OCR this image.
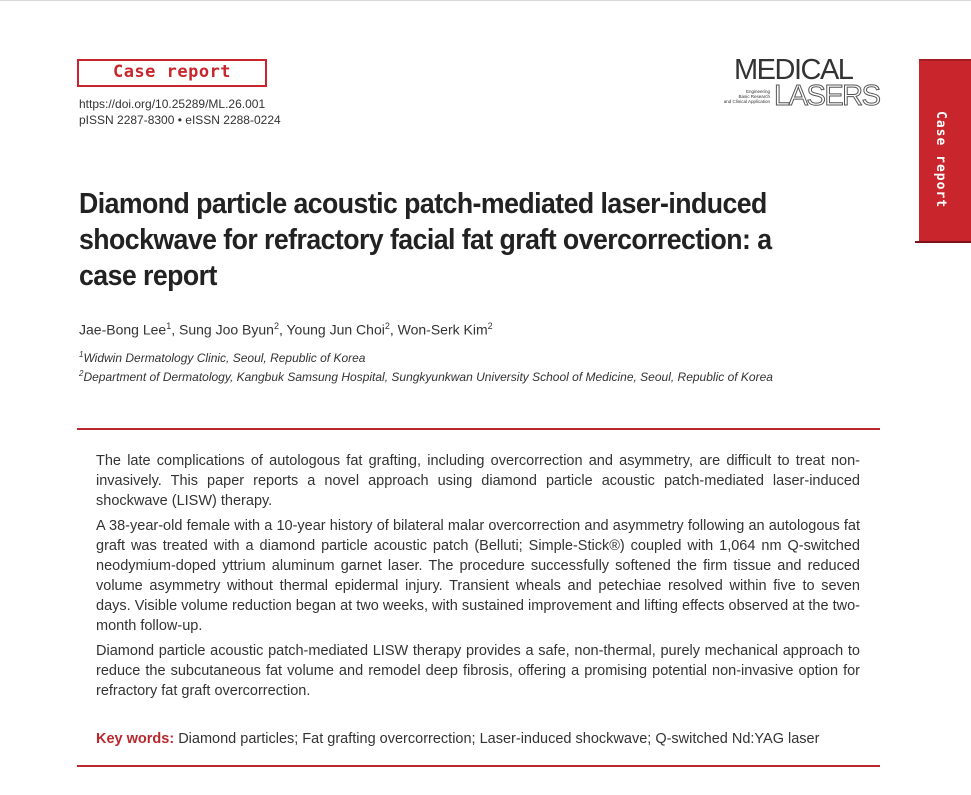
Case report
https://doi.org/10.25289/ML.26.001
pISSN 2287-8300 • eISSN 2288-0224
MEDICAL
Engineering
Basic Research
and Clinical Application LASERS
Case report
Diamond particle acoustic patch-mediated laser-induced shockwave for refractory facial fat graft overcorrection: a case report
Jae-Bong Lee$^1$, Sung Joo Byun$^2$, Young Jun Choi$^2$, Won-Serk Kim$^2$
$^1$Widwin Dermatology Clinic, Seoul, Republic of Korea
$^2$Department of Dermatology, Kangbuk Samsung Hospital, Sungkyunkwan University School of Medicine, Seoul, Republic of Korea

The late complications of autologous fat grafting, including overcorrection and asymmetry, are difficult to treat non-invasively. This paper reports a novel approach using diamond particle acoustic patch-mediated laser-induced shockwave (LISW) therapy.

A 38-year-old female with a 10-year history of bilateral malar overcorrection and asymmetry following an autologous fat graft was treated with a diamond particle acoustic patch (Belluti; Simple-Stick®) coupled with 1,064 nm Q-switched neodymium-doped yttrium aluminum garnet laser. The procedure successfully softened the firm tissue and reduced volume asymmetry without thermal epidermal injury. Transient wheals and petechiae resolved within five to seven days. Visible volume reduction began at two weeks, with sustained improvement and lifting effects observed at the two-month follow-up.

Diamond particle acoustic patch-mediated LISW therapy provides a safe, non-thermal, purely mechanical approach to reduce the subcutaneous fat volume and remodel deep fibrosis, offering a promising potential non-invasive option for refractory fat graft overcorrection.

Key words: Diamond particles; Fat grafting overcorrection; Laser-induced shockwave; Q-switched Nd:YAG laser
